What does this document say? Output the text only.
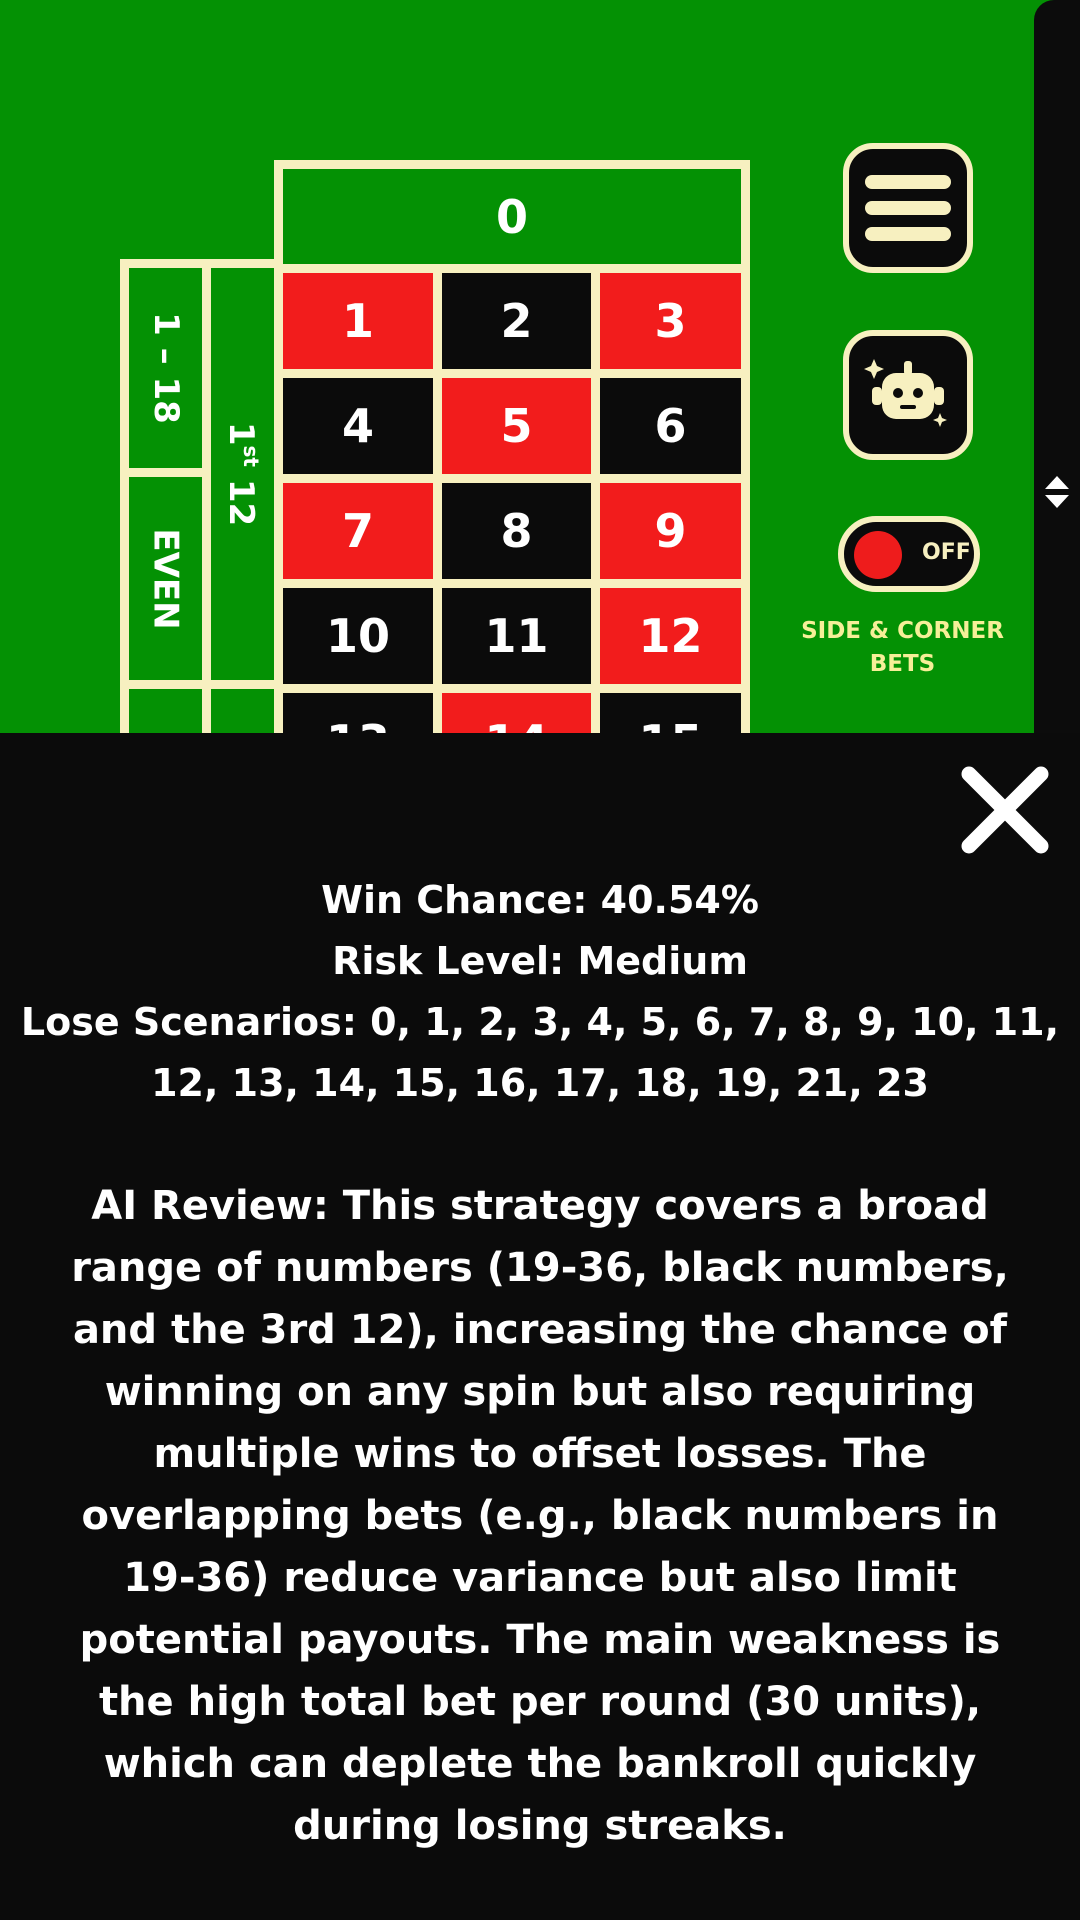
0
1	2	3
4	5	6
7	8	9
10 11 12
1st 12
1 – 18
EVEN	OFF
SIDE & CORNER BETS
Win Chance: 40.54%
Risk Level: Medium
Lose Scenarios: 0, 1, 2, 3, 4, 5, 6, 7, 8, 9, 10, 11, 12, 13, 14, 15, 16, 17, 18, 19, 21, 23
AI Review: This strategy covers a broad range of numbers (19-36, black numbers, and the 3rd 12), increasing the chance of winning on any spin but also requiring multiple wins to offset losses. The overlapping bets (e.g., black numbers in 19-36) reduce variance but also limit potential payouts. The main weakness is the high total bet per round (30 units), which can deplete the bankroll quickly during losing streaks.
